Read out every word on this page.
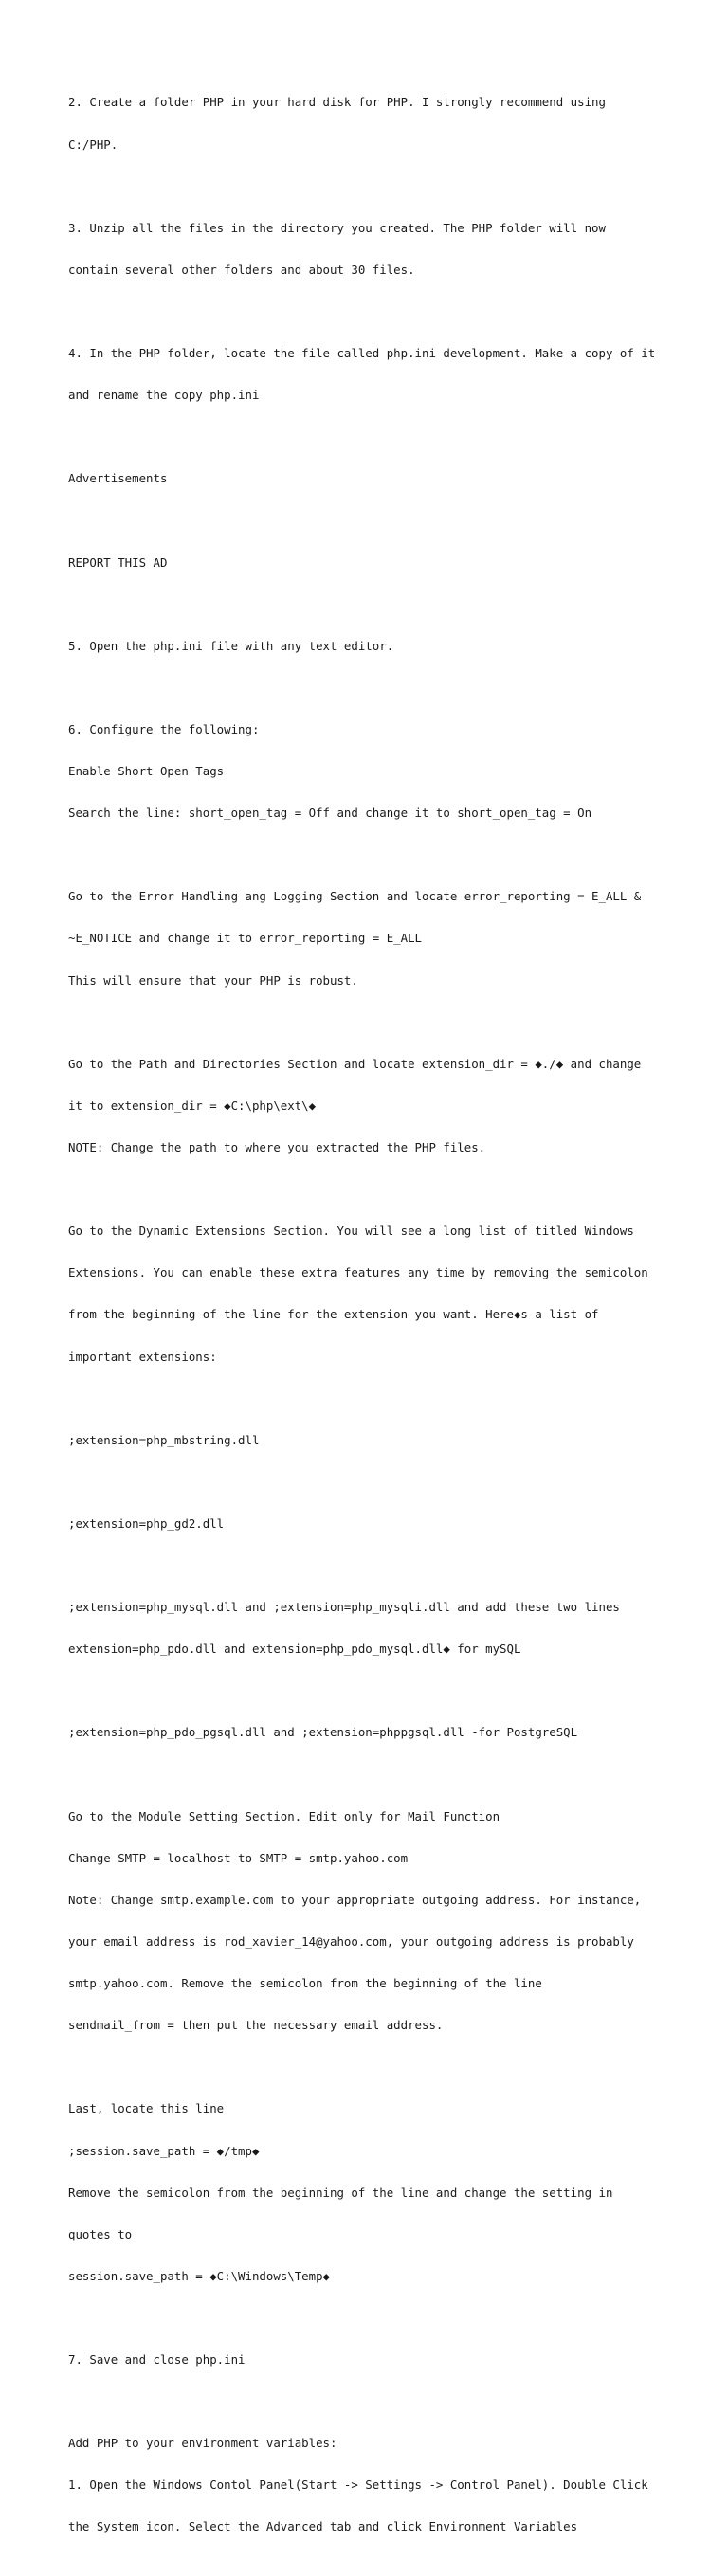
2. Create a folder PHP in your hard disk for PHP. I strongly recommend using

C:/PHP.

3. Unzip all the files in the directory you created. The PHP folder will now

contain several other folders and about 30 files.

4. In the PHP folder, locate the file called php.ini-development. Make a copy of it

and rename the copy php.ini

Advertisements

REPORT THIS AD

5. Open the php.ini file with any text editor.

6. Configure the following:

Enable Short Open Tags

Search the line: short_open_tag = Off and change it to short_open_tag = On

Go to the Error Handling ang Logging Section and locate error_reporting = E_ALL &

~E_NOTICE and change it to error_reporting = E_ALL

This will ensure that your PHP is robust.

Go to the Path and Directories Section and locate extension_dir = ◆./◆ and change

it to extension_dir = ◆C:\php\ext\◆

NOTE: Change the path to where you extracted the PHP files.

Go to the Dynamic Extensions Section. You will see a long list of titled Windows

Extensions. You can enable these extra features any time by removing the semicolon

from the beginning of the line for the extension you want. Here◆s a list of

important extensions:

;extension=php_mbstring.dll

;extension=php_gd2.dll

;extension=php_mysql.dll and ;extension=php_mysqli.dll and add these two lines

extension=php_pdo.dll and extension=php_pdo_mysql.dll◆ for mySQL

;extension=php_pdo_pgsql.dll and ;extension=phppgsql.dll -for PostgreSQL

Go to the Module Setting Section. Edit only for Mail Function

Change SMTP = localhost to SMTP = smtp.yahoo.com

Note: Change smtp.example.com to your appropriate outgoing address. For instance,

your email address is rod_xavier_14@yahoo.com, your outgoing address is probably

smtp.yahoo.com. Remove the semicolon from the beginning of the line

sendmail_from = then put the necessary email address.

Last, locate this line

;session.save_path = ◆/tmp◆

Remove the semicolon from the beginning of the line and change the setting in

quotes to

session.save_path = ◆C:\Windows\Temp◆

7. Save and close php.ini

Add PHP to your environment variables:

1. Open the Windows Contol Panel(Start -> Settings -> Control Panel). Double Click

the System icon. Select the Advanced tab and click Environment Variables
